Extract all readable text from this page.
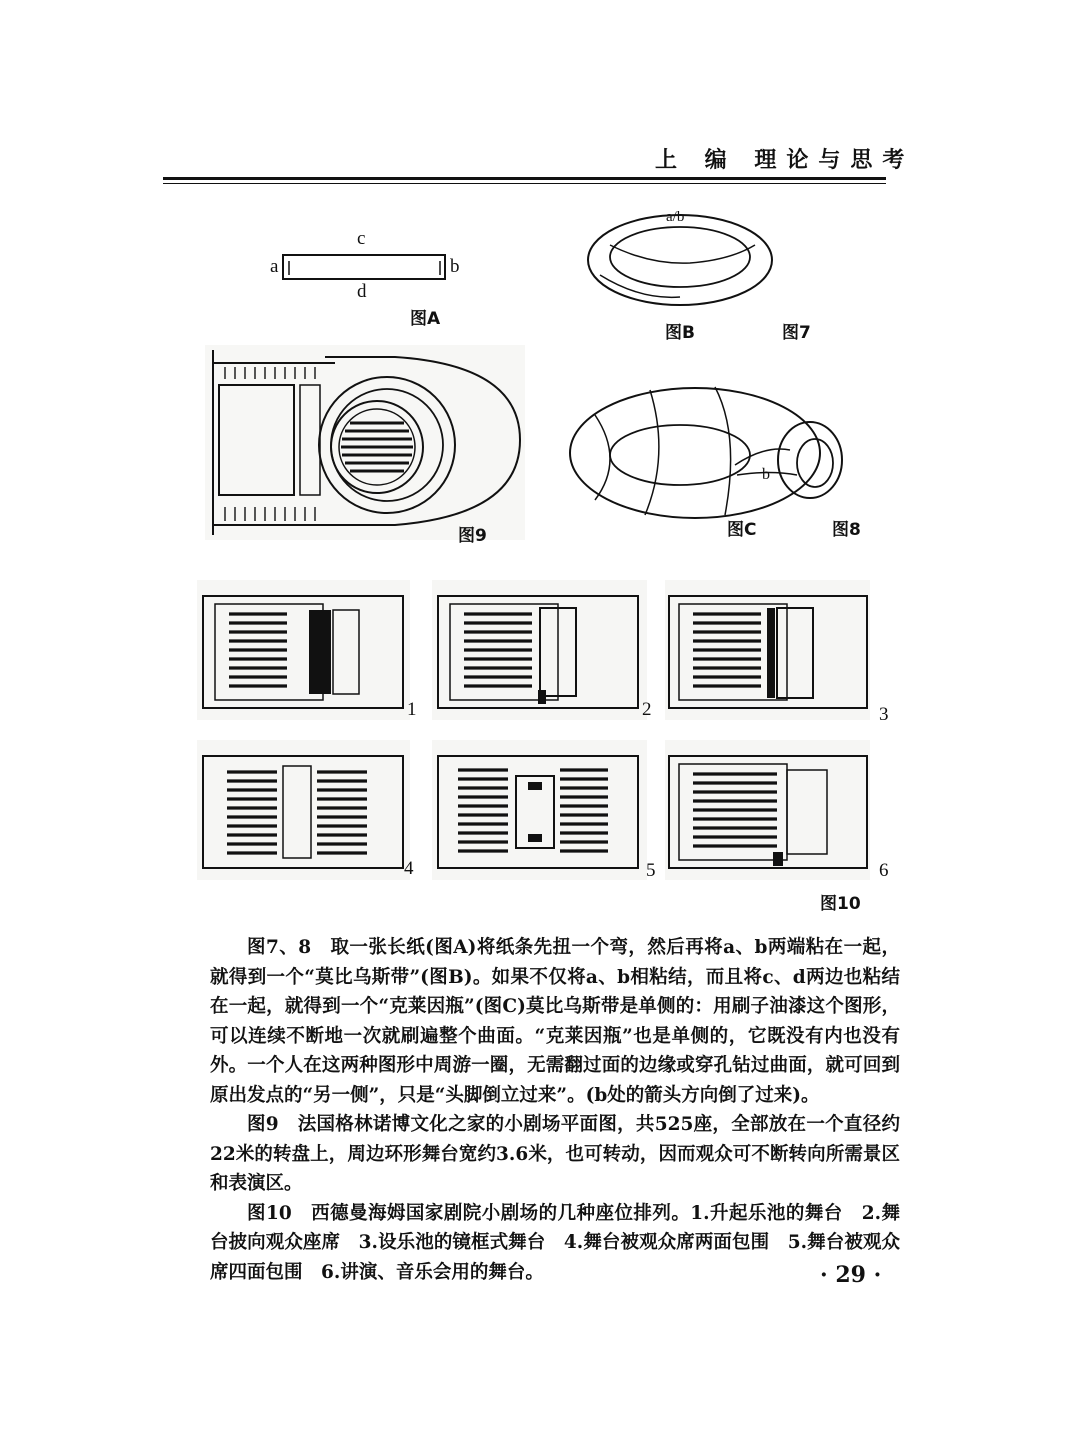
上 编 理论与思考
c
a	b
d
图A
a/b
图B	图7
图9
b
图C	图8
1	2	3
4	5	6
图10

图7、8　取一张长纸(图A)将纸条先扭一个弯，然后再将a、b两端粘在一起，就得到一个“莫比乌斯带”(图B)。如果不仅将a、b相粘结，而且将c、d两边也粘结在一起，就得到一个“克莱因瓶”(图C)莫比乌斯带是单侧的：用刷子油漆这个图形，可以连续不断地一次就刷遍整个曲面。“克莱因瓶”也是单侧的，它既没有内也没有外。一个人在这两种图形中周游一圈，无需翻过面的边缘或穿孔钻过曲面，就可回到原出发点的“另一侧”，只是“头脚倒立过来”。(b处的箭头方向倒了过来)。

图9　法国格林诺博文化之家的小剧场平面图，共525座，全部放在一个直径约22米的转盘上，周边环形舞台宽约3.6米，也可转动，因而观众可不断转向所需景区和表演区。

图10　西德曼海姆国家剧院小剧场的几种座位排列。1.升起乐池的舞台　2.舞台披向观众座席　3.设乐池的镜框式舞台　4.舞台被观众席两面包围　5.舞台被观众席四面包围　6.讲演、音乐会用的舞台。	· 29 ·
